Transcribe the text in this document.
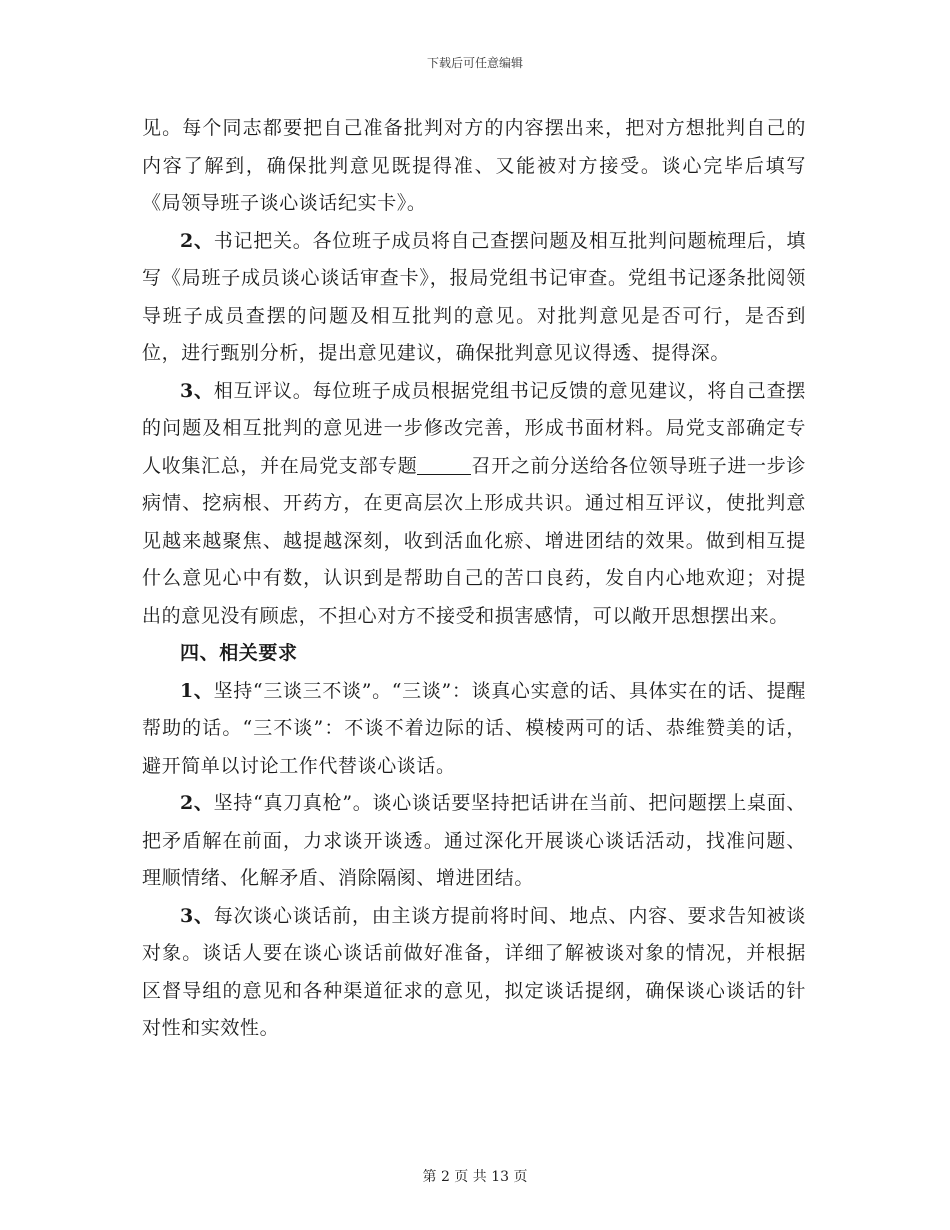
下载后可任意编辑

见。每个同志都要把自己准备批判对方的内容摆出来，把对方想批判自己的内容了解到，确保批判意见既提得准、又能被对方接受。谈心完毕后填写《局领导班子谈心谈话纪实卡》。

2、书记把关。各位班子成员将自己查摆问题及相互批判问题梳理后，填写《局班子成员谈心谈话审查卡》，报局党组书记审查。党组书记逐条批阅领导班子成员查摆的问题及相互批判的意见。对批判意见是否可行，是否到位，进行甄别分析，提出意见建议，确保批判意见议得透、提得深。

3、相互评议。每位班子成员根据党组书记反馈的意见建议，将自己查摆的问题及相互批判的意见进一步修改完善，形成书面材料。局党支部确定专人收集汇总，并在局党支部专题	召开之前分送给各位领导班子进一步诊病情、挖病根、开药方，在更高层次上形成共识。通过相互评议，使批判意见越来越聚焦、越提越深刻，收到活血化瘀、增进团结的效果。做到相互提什么意见心中有数，认识到是帮助自己的苦口良药，发自内心地欢迎；对提出的意见没有顾虑，不担心对方不接受和损害感情，可以敞开思想摆出来。

四、相关要求

1、坚持“三谈三不谈”。“三谈”：谈真心实意的话、具体实在的话、提醒帮助的话。“三不谈”：不谈不着边际的话、模棱两可的话、恭维赞美的话，避开简单以讨论工作代替谈心谈话。

2、坚持“真刀真枪”。谈心谈话要坚持把话讲在当前、把问题摆上桌面、把矛盾解在前面，力求谈开谈透。通过深化开展谈心谈话活动，找准问题、理顺情绪、化解矛盾、消除隔阂、增进团结。

3、每次谈心谈话前，由主谈方提前将时间、地点、内容、要求告知被谈对象。谈话人要在谈心谈话前做好准备，详细了解被谈对象的情况，并根据区督导组的意见和各种渠道征求的意见，拟定谈话提纲，确保谈心谈话的针对性和实效性。

第 2 页 共 13 页
